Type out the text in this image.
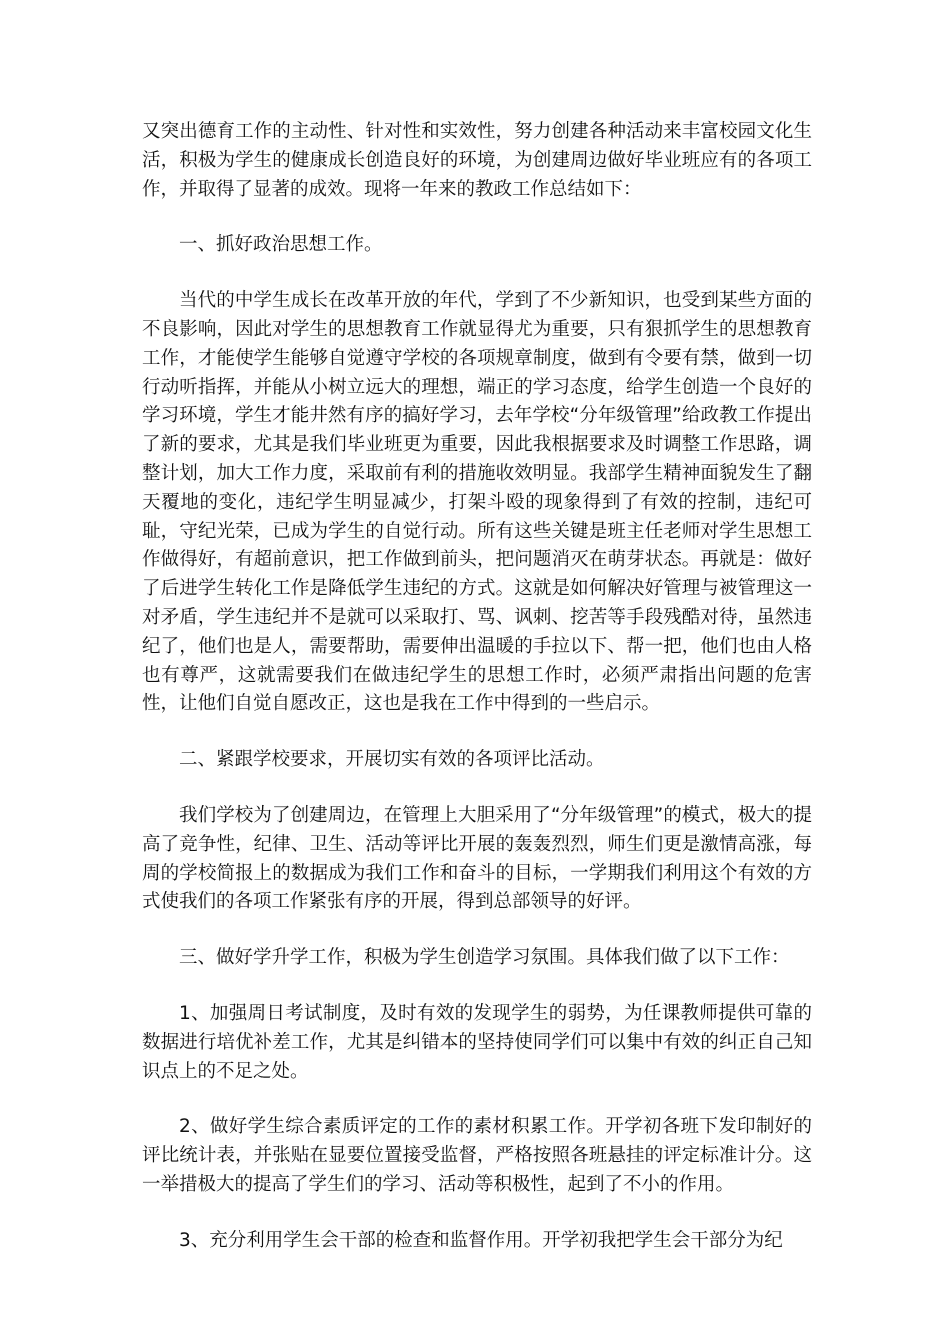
又突出德育工作的主动性、针对性和实效性，努力创建各种活动来丰富校园文化生活，积极为学生的健康成长创造良好的环境，为创建周边做好毕业班应有的各项工作，并取得了显著的成效。现将一年来的教政工作总结如下：

一、抓好政治思想工作。

当代的中学生成长在改革开放的年代，学到了不少新知识，也受到某些方面的不良影响，因此对学生的思想教育工作就显得尤为重要，只有狠抓学生的思想教育工作，才能使学生能够自觉遵守学校的各项规章制度，做到有令要有禁，做到一切行动听指挥，并能从小树立远大的理想，端正的学习态度，给学生创造一个良好的学习环境，学生才能井然有序的搞好学习，去年学校“分年级管理”给政教工作提出了新的要求，尤其是我们毕业班更为重要，因此我根据要求及时调整工作思路，调整计划，加大工作力度，采取前有利的措施收效明显。我部学生精神面貌发生了翻天覆地的变化，违纪学生明显减少，打架斗殴的现象得到了有效的控制，违纪可耻，守纪光荣，已成为学生的自觉行动。所有这些关键是班主任老师对学生思想工作做得好，有超前意识，把工作做到前头，把问题消灭在萌芽状态。再就是：做好了后进学生转化工作是降低学生违纪的方式。这就是如何解决好管理与被管理这一对矛盾，学生违纪并不是就可以采取打、骂、讽刺、挖苦等手段残酷对待，虽然违纪了，他们也是人，需要帮助，需要伸出温暖的手拉以下、帮一把，他们也由人格也有尊严，这就需要我们在做违纪学生的思想工作时，必须严肃指出问题的危害性，让他们自觉自愿改正，这也是我在工作中得到的一些启示。

二、紧跟学校要求，开展切实有效的各项评比活动。

我们学校为了创建周边，在管理上大胆采用了“分年级管理”的模式，极大的提高了竞争性，纪律、卫生、活动等评比开展的轰轰烈烈，师生们更是激情高涨，每周的学校简报上的数据成为我们工作和奋斗的目标，一学期我们利用这个有效的方式使我们的各项工作紧张有序的开展，得到总部领导的好评。

三、做好学升学工作，积极为学生创造学习氛围。具体我们做了以下工作：

1、加强周日考试制度，及时有效的发现学生的弱势，为任课教师提供可靠的数据进行培优补差工作，尤其是纠错本的坚持使同学们可以集中有效的纠正自己知识点上的不足之处。

2、做好学生综合素质评定的工作的素材积累工作。开学初各班下发印制好的评比统计表，并张贴在显要位置接受监督，严格按照各班悬挂的评定标准计分。这一举措极大的提高了学生们的学习、活动等积极性，起到了不小的作用。

3、充分利用学生会干部的检查和监督作用。开学初我把学生会干部分为纪
